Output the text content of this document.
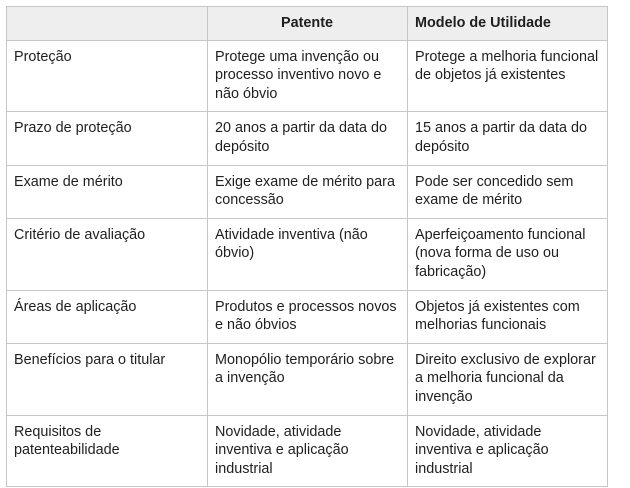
	Patente	Modelo de Utilidade
Proteção	Protege uma invenção ou processo inventivo novo e não óbvio	Protege a melhoria funcional de objetos já existentes
Prazo de proteção	20 anos a partir da data do depósito	15 anos a partir da data do depósito
Exame de mérito	Exige exame de mérito para concessão	Pode ser concedido sem exame de mérito
Critério de avaliação	Atividade inventiva (não óbvio)	Aperfeiçoamento funcional (nova forma de uso ou fabricação)
Áreas de aplicação	Produtos e processos novos e não óbvios	Objetos já existentes com melhorias funcionais
Benefícios para o titular	Monopólio temporário sobre a invenção	Direito exclusivo de explorar a melhoria funcional da invenção
Requisitos de patenteabilidade	Novidade, atividade inventiva e aplicação industrial	Novidade, atividade inventiva e aplicação industrial
